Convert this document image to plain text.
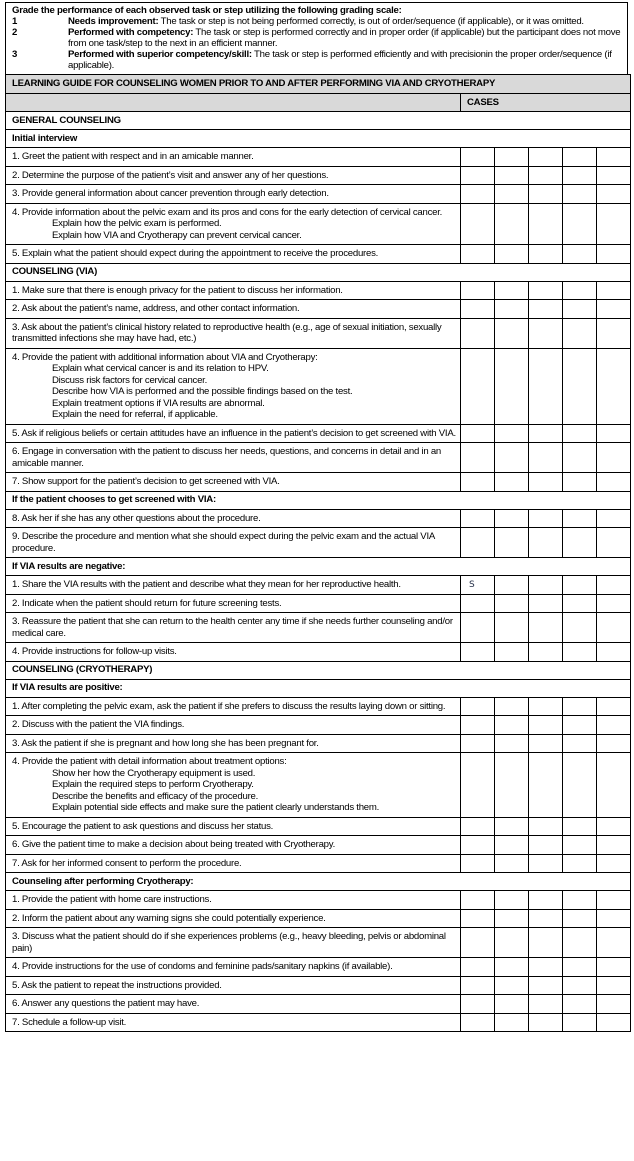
Grade the performance of each observed task or step utilizing the following grading scale:
1	Needs improvement: The task or step is not being performed correctly, is out of order/sequence (if applicable), or it was omitted.
2	Performed with competency: The task or step is performed correctly and in proper order (if applicable) but the participant does not move from one task/step to the next in an efficient manner.
3	Performed with superior competency/skill: The task or step is performed efficiently and with precisionin the proper order/sequence (if applicable).
LEARNING GUIDE FOR COUNSELING WOMEN PRIOR TO AND AFTER PERFORMING VIA AND CRYOTHERAPY					
	CASES				
GENERAL COUNSELING					
Initial interview					
1. Greet the patient with respect and in an amicable manner.					
2. Determine the purpose of the patient’s visit and answer any of her questions.					
3. Provide general information about cancer prevention through early detection.					
4. Provide information about the pelvic exam and its pros and cons for the early detection of cervical cancer.
Explain how the pelvic exam is performed.
Explain how VIA and Cryotherapy can prevent cervical cancer.					

5. Explain what the patient should expect during the appointment to receive the procedures.					
COUNSELING (VIA)					
1. Make sure that there is enough privacy for the patient to discuss her information.					
2. Ask about the patient’s name, address, and other contact information.					
3. Ask about the patient’s clinical history related to reproductive health (e.g., age of sexual initiation, sexually transmitted infections she may have had, etc.)					
4. Provide the patient with additional information about VIA and Cryotherapy:
Explain what cervical cancer is and its relation to HPV.
Discuss risk factors for cervical cancer.
Describe how VIA is performed and the possible findings based on the test.
Explain treatment options if VIA results are abnormal.
Explain the need for referral, if applicable.

5. Ask if religious beliefs or certain attitudes have an influence in the patient’s decision to get screened with VIA.					
6. Engage in conversation with the patient to discuss her needs, questions, and concerns in detail and in an amicable manner.					
7. Show support for the patient’s decision to get screened with VIA.					
If the patient chooses to get screened with VIA:					
8. Ask her if she has any other questions about the procedure.					
9. Describe the procedure and mention what she should expect during the pelvic exam and the actual VIA procedure.					
If VIA results are negative:					
1. Share the VIA results with the patient and describe what they mean for her reproductive health.	S				
2. Indicate when the patient should return for future screening tests.					
3. Reassure the patient that she can return to the health center any time if she needs further counseling and/or medical care.					
4. Provide instructions for follow-up visits.					
COUNSELING (CRYOTHERAPY)					
If VIA results are positive:					
1. After completing the pelvic exam, ask the patient if she prefers to discuss the results laying down or sitting.					
2. Discuss with the patient the VIA findings.					
3. Ask the patient if she is pregnant and how long she has been pregnant for.					
4. Provide the patient with detail information about treatment options:
Show her how the Cryotherapy equipment is used.
Explain the required steps to perform Cryotherapy.
Describe the benefits and efficacy of the procedure.
Explain potential side effects and make sure the patient clearly understands them.					

5. Encourage the patient to ask questions and discuss her status.					
6. Give the patient time to make a decision about being treated with Cryotherapy.					
7. Ask for her informed consent to perform the procedure.					
Counseling after performing Cryotherapy:					
1. Provide the patient with home care instructions.					
2. Inform the patient about any warning signs she could potentially experience.					
3. Discuss what the patient should do if she experiences problems (e.g., heavy bleeding, pelvis or abdominal pain)					
4. Provide instructions for the use of condoms and feminine pads/sanitary napkins (if available).					
5. Ask the patient to repeat the instructions provided.					
6. Answer any questions the patient may have.					
7. Schedule a follow-up visit.					
